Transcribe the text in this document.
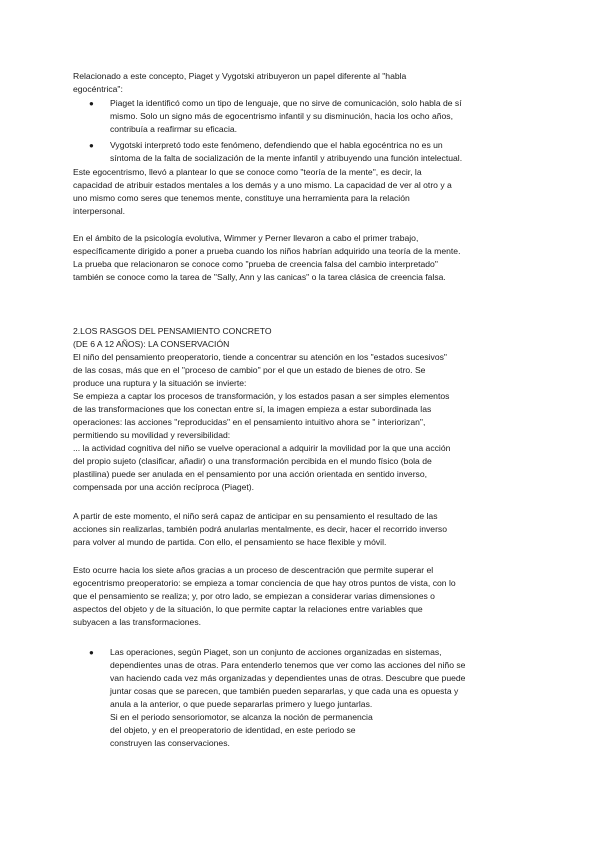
Relacionado a este concepto, Piaget y Vygotski atribuyeron un papel diferente al "habla
egocéntrica":
● Piaget la identificó como un tipo de lenguaje, que no sirve de comunicación, solo habla de sí
mismo. Solo un signo más de egocentrismo infantil y su disminución, hacia los ocho años,
contribuía a reafirmar su eficacia.
● Vygotski interpretó todo este fenómeno, defendiendo que el habla egocéntrica no es un
síntoma de la falta de socialización de la mente infantil y atribuyendo una función intelectual.
Este egocentrismo, llevó a plantear lo que se conoce como "teoría de la mente", es decir, la
capacidad de atribuir estados mentales a los demás y a uno mismo. La capacidad de ver al otro y a
uno mismo como seres que tenemos mente, constituye una herramienta para la relación
interpersonal.
En el ámbito de la psicología evolutiva, Wimmer y Perner llevaron a cabo el primer trabajo,
específicamente dirigido a poner a prueba cuando los niños habrían adquirido una teoría de la mente.
La prueba que relacionaron se conoce como "prueba de creencia falsa del cambio interpretado"
también se conoce como la tarea de "Sally, Ann y las canicas" o la tarea clásica de creencia falsa.
2.LOS RASGOS DEL PENSAMIENTO CONCRETO
(DE 6 A 12 AÑOS): LA CONSERVACIÓN
El niño del pensamiento preoperatorio, tiende a concentrar su atención en los "estados sucesivos"
de las cosas, más que en el "proceso de cambio" por el que un estado de bienes de otro. Se
produce una ruptura y la situación se invierte:
Se empieza a captar los procesos de transformación, y los estados pasan a ser simples elementos
de las transformaciones que los conectan entre sí, la imagen empieza a estar subordinada las
operaciones: las acciones "reproducidas" en el pensamiento intuitivo ahora se " interiorizan",
permitiendo su movilidad y reversibilidad:
... la actividad cognitiva del niño se vuelve operacional a adquirir la movilidad por la que una acción
del propio sujeto (clasificar, añadir) o una transformación percibida en el mundo físico (bola de
plastilina) puede ser anulada en el pensamiento por una acción orientada en sentido inverso,
compensada por una acción recíproca (Piaget).
A partir de este momento, el niño será capaz de anticipar en su pensamiento el resultado de las
acciones sin realizarlas, también podrá anularlas mentalmente, es decir, hacer el recorrido inverso
para volver al mundo de partida. Con ello, el pensamiento se hace flexible y móvil.
Esto ocurre hacia los siete años gracias a un proceso de descentración que permite superar el
egocentrismo preoperatorio: se empieza a tomar conciencia de que hay otros puntos de vista, con lo
que el pensamiento se realiza; y, por otro lado, se empiezan a considerar varias dimensiones o
aspectos del objeto y de la situación, lo que permite captar la relaciones entre variables que
subyacen a las transformaciones.
● Las operaciones, según Piaget, son un conjunto de acciones organizadas en sistemas,
dependientes unas de otras. Para entenderlo tenemos que ver como las acciones del niño se
van haciendo cada vez más organizadas y dependientes unas de otras. Descubre que puede
juntar cosas que se parecen, que también pueden separarlas, y que cada una es opuesta y
anula a la anterior, o que puede separarlas primero y luego juntarlas.
Si en el periodo sensoriomotor, se alcanza la noción de permanencia
del objeto, y en el preoperatorio de identidad, en este periodo se
construyen las conservaciones.
